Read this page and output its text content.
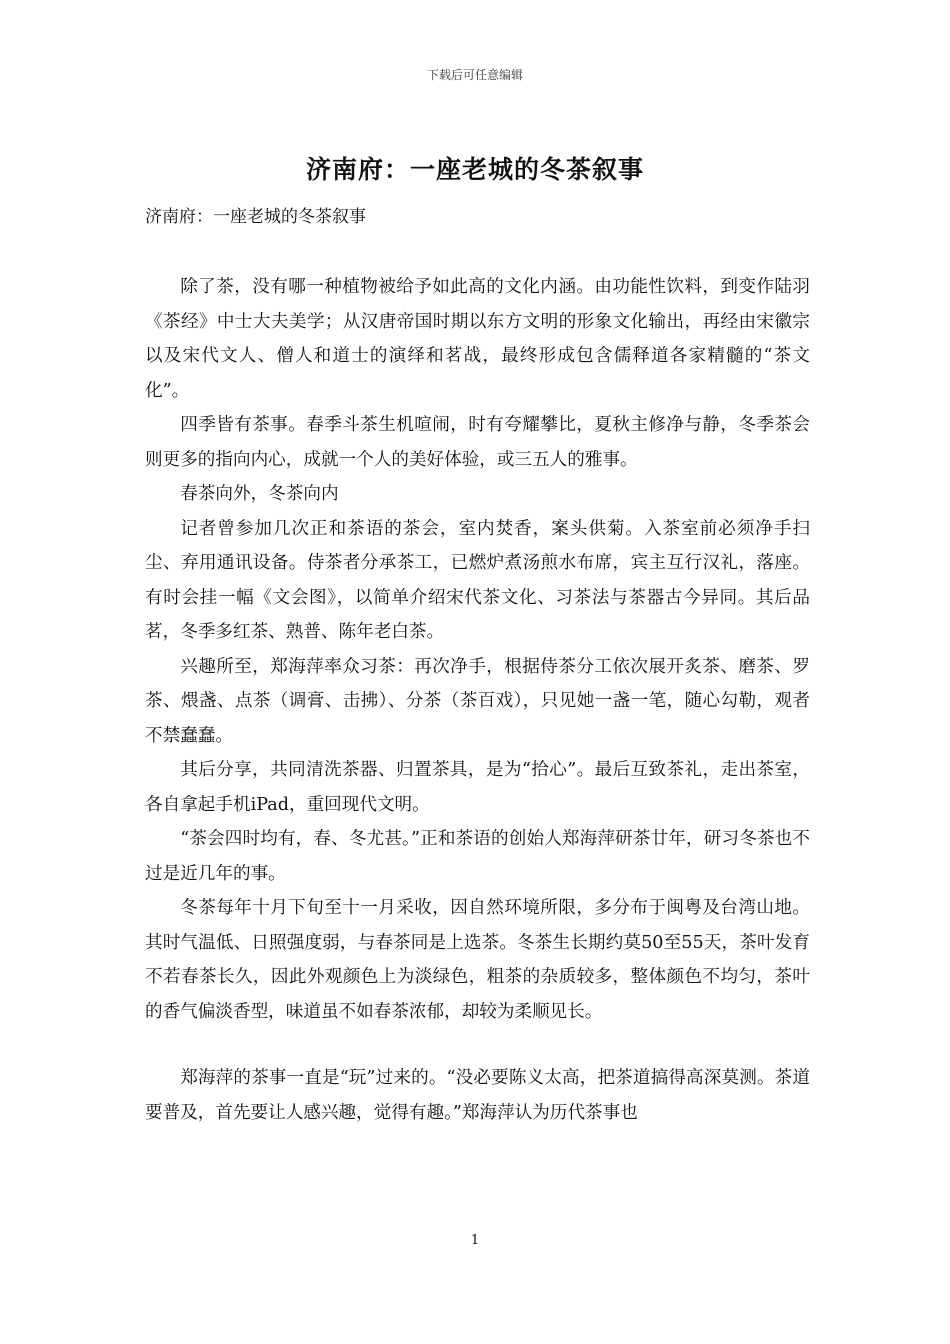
下载后可任意编辑
济南府：一座老城的冬茶叙事

济南府：一座老城的冬茶叙事

除了茶，没有哪一种植物被给予如此高的文化内涵。由功能性饮料，到变作陆羽《茶经》中士大夫美学；从汉唐帝国时期以东方文明的形象文化输出，再经由宋徽宗以及宋代文人、僧人和道士的演绎和茗战，最终形成包含儒释道各家精髓的“茶文化”。

四季皆有茶事。春季斗茶生机喧闹，时有夸耀攀比，夏秋主修净与静，冬季茶会则更多的指向内心，成就一个人的美好体验，或三五人的雅事。

春茶向外，冬茶向内

记者曾参加几次正和茶语的茶会，室内焚香，案头供菊。入茶室前必须净手扫尘、弃用通讯设备。侍茶者分承茶工，已燃炉煮汤煎水布席，宾主互行汉礼，落座。有时会挂一幅《文会图》，以简单介绍宋代茶文化、习茶法与茶器古今异同。其后品茗，冬季多红茶、熟普、陈年老白茶。

兴趣所至，郑海萍率众习茶：再次净手，根据侍茶分工依次展开炙茶、磨茶、罗茶、煨盏、点茶（调膏、击拂）、分茶（茶百戏），只见她一盏一笔，随心勾勒，观者不禁蠢蠢。

其后分享，共同清洗茶器、归置茶具，是为“拾心”。最后互致茶礼，走出茶室，各自拿起手机iPad，重回现代文明。

“茶会四时均有，春、冬尤甚。”正和茶语的创始人郑海萍研茶廿年，研习冬茶也不过是近几年的事。

冬茶每年十月下旬至十一月采收，因自然环境所限，多分布于闽粤及台湾山地。其时气温低、日照强度弱，与春茶同是上选茶。冬茶生长期约莫50至55天，茶叶发育不若春茶长久，因此外观颜色上为淡绿色，粗茶的杂质较多，整体颜色不均匀，茶叶的香气偏淡香型，味道虽不如春茶浓郁，却较为柔顺见长。

郑海萍的茶事一直是“玩”过来的。“没必要陈义太高，把茶道搞得高深莫测。茶道要普及，首先要让人感兴趣，觉得有趣。”郑海萍认为历代茶事也

1
